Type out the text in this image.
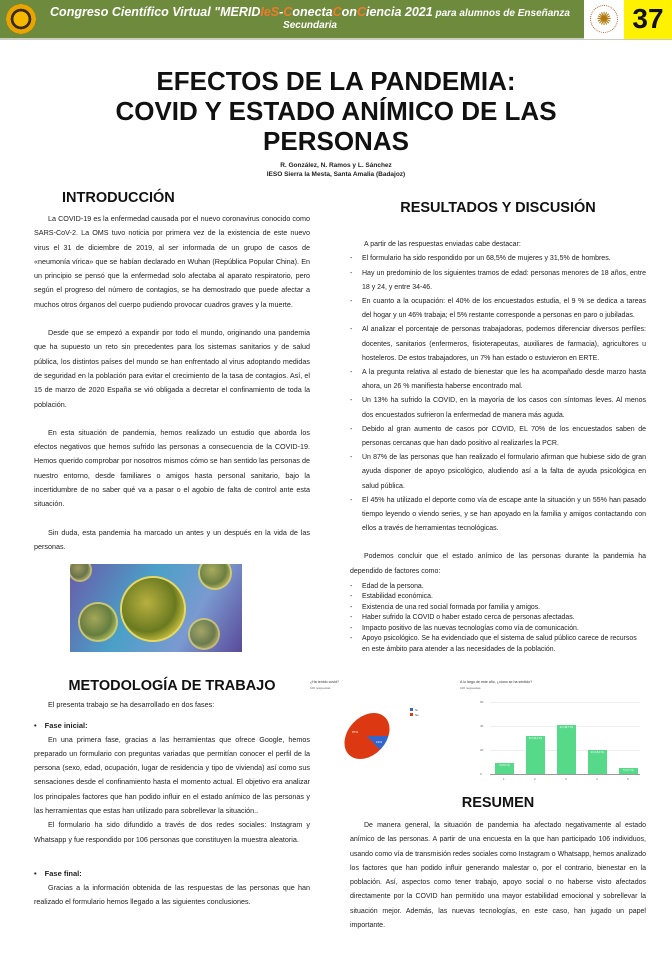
Congreso Científico Virtual "MERIDIeS-ConectaConCiencia 2021 para alumnos de Enseñanza
Secundaria	✺ 37
EFECTOS DE LA PANDEMIA:
COVID Y ESTADO ANÍMICO DE LAS
PERSONAS
R. González, N. Ramos y L. Sánchez
IESO Sierra la Mesta, Santa Amalia (Badajoz)
INTRODUCCIÓN

La COVID-19 es la enfermedad causada por el nuevo coronavirus conocido como SARS-CoV-2. La OMS tuvo noticia por primera vez de la existencia de este nuevo virus el 31 de diciembre de 2019, al ser informada de un grupo de casos de «neumonía vírica» que se habían declarado en Wuhan (República Popular China). En un principio se pensó que la enfermedad solo afectaba al aparato respiratorio, pero según el progreso del número de contagios, se ha demostrado que puede afectar a muchos otros órganos del cuerpo pudiendo provocar cuadros graves y la muerte.

Desde que se empezó a expandir por todo el mundo, originando una pandemia que ha supuesto un reto sin precedentes para los sistemas sanitarios y de salud pública, los distintos países del mundo se han enfrentado al virus adoptando medidas de seguridad en la población para evitar el crecimiento de la tasa de contagios. Así, el 15 de marzo de 2020 España se vió obligada a decretar el confinamiento de toda la población.

En esta situación de pandemia, hemos realizado un estudio que aborda los efectos negativos que hemos sufrido las personas a consecuencia de la COVID-19. Hemos querido comprobar por nosotros mismos cómo se han sentido las personas de nuestro entorno, desde familiares o amigos hasta personal sanitario, bajo la incertidumbre de no saber qué va a pasar o el agobio de falta de control ante esta situación.

Sin duda, esta pandemia ha marcado un antes y un después en la vida de las personas.

METODOLOGÍA DE TRABAJO

El presenta trabajo se ha desarrollado en dos fases:

• Fase inicial:

En una primera fase, gracias a las herramientas que ofrece Google, hemos preparado un formulario con preguntas variadas que permitían conocer el perfil de la persona (sexo, edad, ocupación, lugar de residencia y tipo de vivienda) así como sus sensaciones desde el confinamiento hasta el momento actual. El objetivo era analizar los principales factores que han podido influir en el estado anímico de las personas y las herramientas que estas han utilizado para sobrellevar la situación..

El formulario ha sido difundido a través de dos redes sociales: Instagram y Whatsapp y fue respondido por 106 personas que constituyen la muestra aleatoria.

• Fase final:

Gracias a la información obtenida de las respuestas de las personas que han realizado el formulario hemos llegado a las siguientes conclusiones.

RESULTADOS Y DISCUSIÓN

A partir de las respuestas enviadas cabe destacar:

- El formulario ha sido respondido por un 68,5% de mujeres y 31,5% de hombres.
- Hay un predominio de los siguientes tramos de edad: personas menores de 18 años, entre 18 y 24, y entre 34-46.
- En cuanto a la ocupación: el 40% de los encuestados estudia, el 9 % se dedica a tareas del hogar y un 46% trabaja; el 5% restante corresponde a personas en paro o jubiladas.
- Al analizar el porcentaje de personas trabajadoras, podemos diferenciar diversos perfiles: docentes, sanitarios (enfermeros, fisioterapeutas, auxiliares de farmacia), agricultores u hosteleros. De estos trabajadores, un 7% han estado o estuvieron en ERTE.
- A la pregunta relativa al estado de bienestar que les ha acompañado desde marzo hasta ahora, un 26 % manifiesta haberse encontrado mal.
- Un 13% ha sufrido la COVID, en la mayoría de los casos con síntomas leves. Al menos dos encuestados sufrieron la enfermedad de manera más aguda.
- Debido al gran aumento de casos por COVID, EL 70% de los encuestados saben de personas cercanas que han dado positivo al realizarles la PCR.
- Un 87% de las personas que han realizado el formulario afirman que hubiese sido de gran ayuda disponer de apoyo psicológico, aludiendo así a la falta de ayuda psicológica en salud pública.
- El 45% ha utilizado el deporte como vía de escape ante la situación y un 55% han pasado tiempo leyendo o viendo series, y se han apoyado en la familia y amigos contactando con ellos a través de herramientas tecnológicas.

Podemos concluir que el estado anímico de las personas durante la pandemia ha dependido de factores como:

- Edad de la persona.
- Estabilidad económica.
- Existencia de una red social formada por familia y amigos.
- Haber sufrido la COVID o haber estado cerca de personas afectadas.
- Impacto positivo de las nuevas tecnologías como vía de comunicación.
- Apoyo psicológico. Se ha evidenciado que el sistema de salud público carece de recursos en este ámbito para atender a las necesidades de la población.
¿Ha tenido covid?
106 respuestas
87%
13%
Sí
No
A lo largo de este año, ¿cómo se ha sentido?
106 respuestas
60
40
20
0
9 (8,5 %)
32 (30,2 %)
41 (38,7 %)
20 (18,9 %)
5 (4,7 %)
1	2	3	4	5
RESUMEN

De manera general, la situación de pandemia ha afectado negativamente al estado anímico de las personas. A partir de una encuesta en la que han participado 106 individuos, usando como vía de transmisión redes sociales como Instagram o Whatsapp, hemos analizado los factores que han podido influir generando malestar o, por el contrario, bienestar en la población. Así, aspectos como tener trabajo, apoyo social o no haberse visto afectados directamente por la COVID han permitido una mayor estabilidad emocional y sobrellevar la situación mejor. Además, las nuevas tecnologías, en este caso, han jugado un papel importante.
